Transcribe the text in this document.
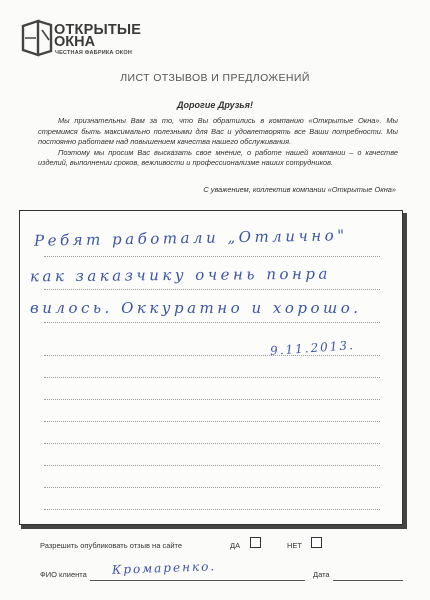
ОТКРЫТЫЕ
ОКНА
ЧЕСТНАЯ ФАБРИКА ОКОН
ЛИСТ ОТЗЫВОВ И ПРЕДЛОЖЕНИЙ
Дорогие Друзья!

Мы признательны Вам за то, что Вы обратились в компанию «Открытые Окна». Мы стремимся быть максимально полезными для Вас и удовлетворять все Ваши потребности. Мы постоянно работаем над повышением качества нашего обслуживания.

Поэтому мы просим Вас высказать свое мнение, о работе нашей компании – о качестве изделий, выполнении сроков, вежливости и профессионализме наших сотрудников.

С уважением, коллектив компании «Открытые Окна»
Ребят работали „Отлично"
как заказчику очень понра
вилось. Оккуратно и хорошо.
9.11.2013.
Разрешить опубликовать отзыв на сайте	ДА	НЕТ
ФИО клиента Кромаренко.	Дата
